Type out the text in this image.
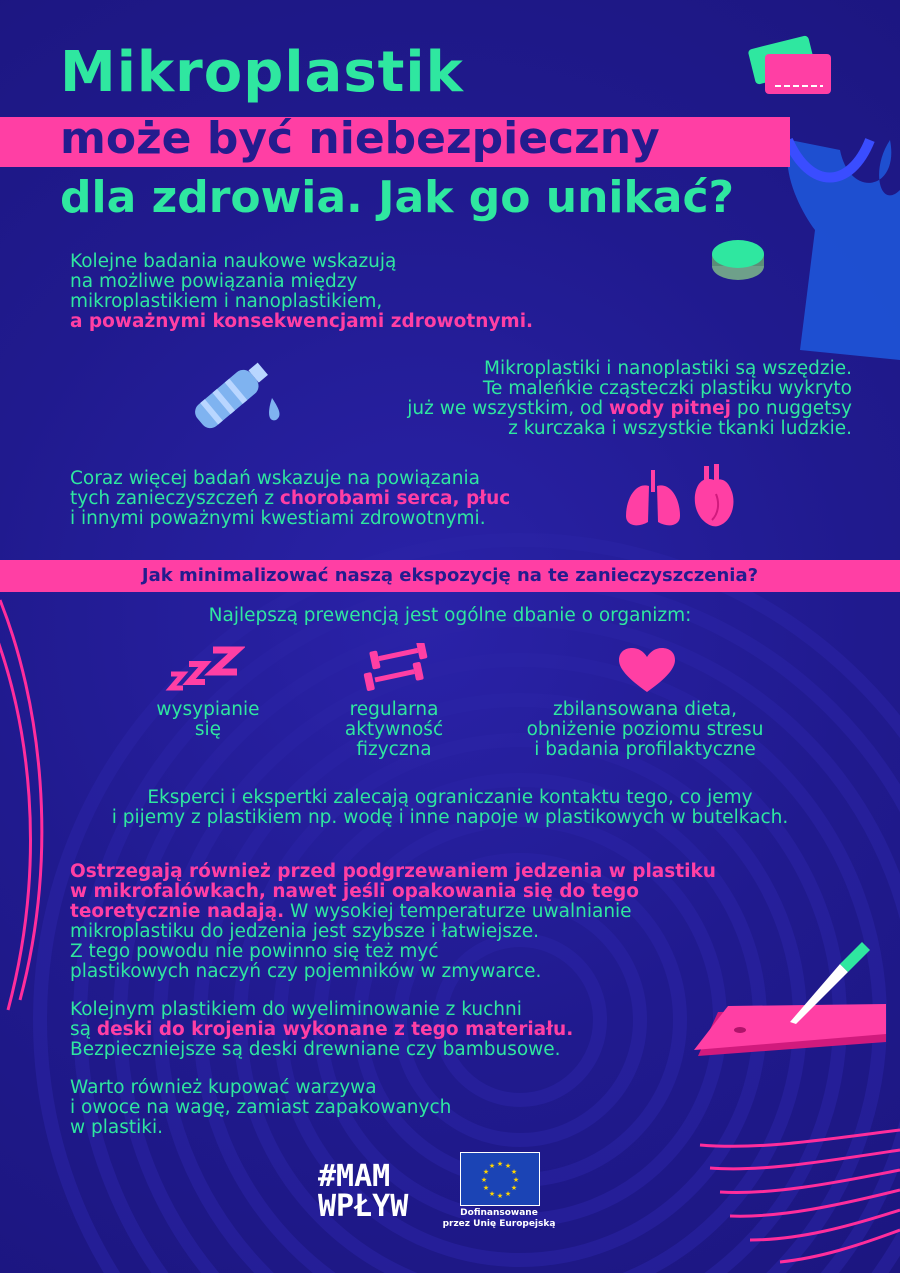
Mikroplastik
może być niebezpieczny
dla zdrowia. Jak go unikać?

Kolejne badania naukowe wskazują
na możliwe powiązania między
mikroplastikiem i nanoplastikiem,
a poważnymi konsekwencjami zdrowotnymi.

Mikroplastiki i nanoplastiki są wszędzie.
Te maleńkie cząsteczki plastiku wykryto
już we wszystkim, od wody pitnej po nuggetsy
z kurczaka i wszystkie tkanki ludzkie.

Coraz więcej badań wskazuje na powiązania
tych zanieczyszczeń z chorobami serca, płuc
i innymi poważnymi kwestiami zdrowotnymi.

Jak minimalizować naszą ekspozycję na te zanieczyszczenia?

Najlepszą prewencją jest ogólne dbanie o organizm:

wysypianie
się

regularna
aktywność
fizyczna

zbilansowana dieta,
obniżenie poziomu stresu
i badania profilaktyczne

Eksperci i ekspertki zalecają ograniczanie kontaktu tego, co jemy
i pijemy z plastikiem np. wodę i inne napoje w plastikowych w butelkach.

Ostrzegają również przed podgrzewaniem jedzenia w plastiku
w mikrofalówkach, nawet jeśli opakowania się do tego
teoretycznie nadają. W wysokiej temperaturze uwalnianie
mikroplastiku do jedzenia jest szybsze i łatwiejsze.
Z tego powodu nie powinno się też myć
plastikowych naczyń czy pojemników w zmywarce.

Kolejnym plastikiem do wyeliminowanie z kuchni
są deski do krojenia wykonane z tego materiału.
Bezpieczniejsze są deski drewniane czy bambusowe.

Warto również kupować warzywa
i owoce na wagę, zamiast zapakowanych
w plastiki.

#MAM
WPŁYW
★ ★
★
★
★
★
★
★
★
★
★
★
Dofinansowane
przez Unię Europejską
